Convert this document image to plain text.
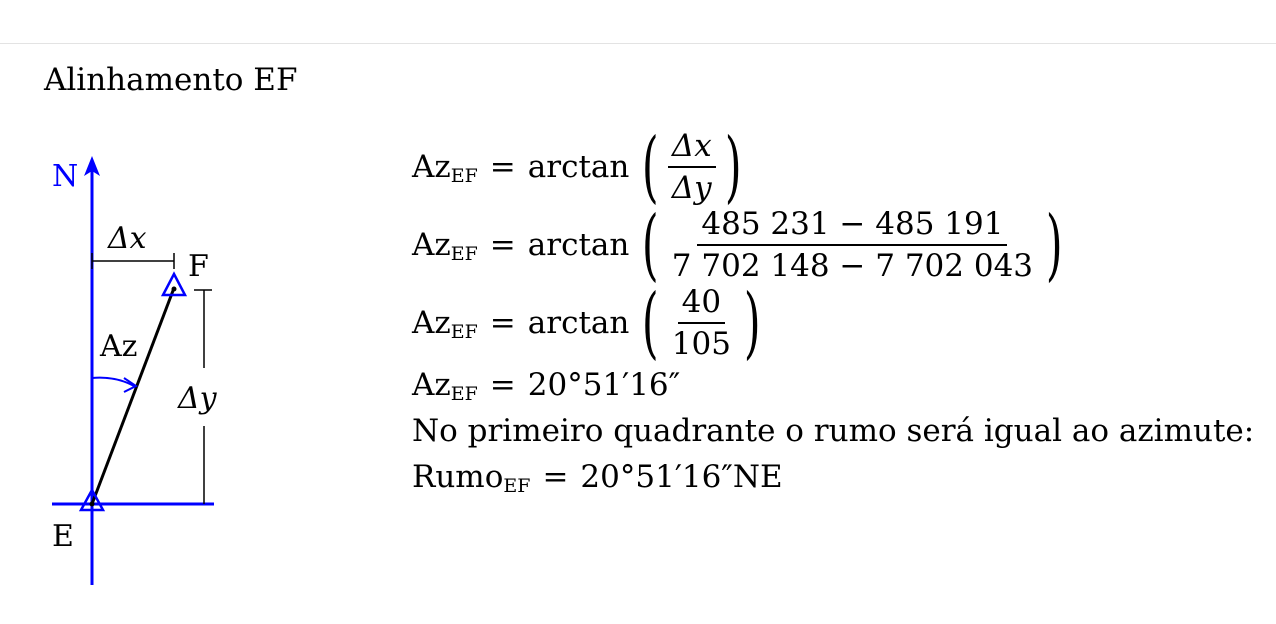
Alinhamento EF
N
E
F
Δx
Δy
Az
Az EF = arctan ( $\frac{\Delta x}{\Delta y}$ )
Az EF = arctan ( $\frac{485 231 - 485 191}{7 702 148 - 7 702 043}$ )
Az EF = arctan ( $\frac{40}{105}$ )
Az EF = 20°51′16″
No primeiro quadrante o rumo será igual ao azimute:
Rumo EF = 20°51′16″NE
